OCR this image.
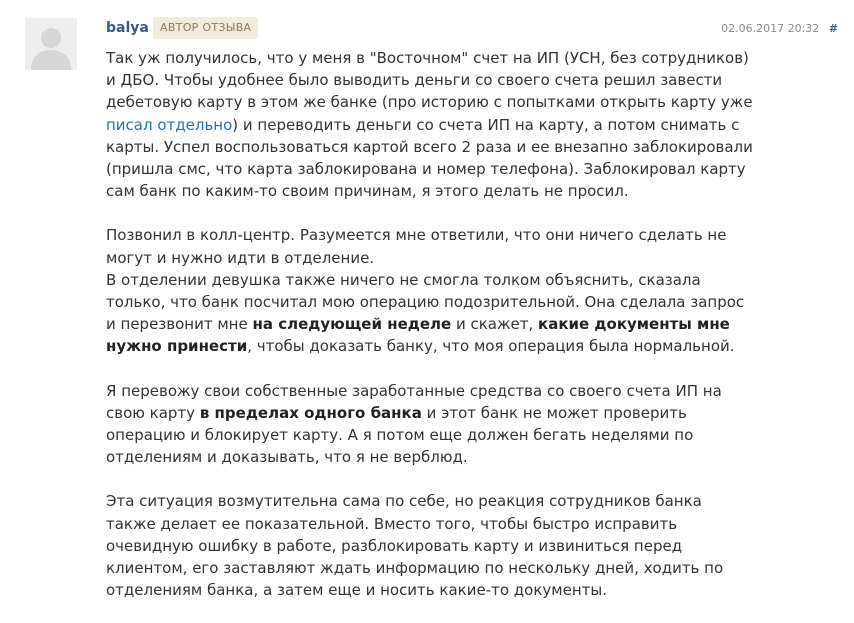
balya	АВТОР ОТЗЫВА	02.06.2017 20:32 #

Так уж получилось, что у меня в "Восточном" счет на ИП (УСН, без сотрудников) и ДБО. Чтобы удобнее было выводить деньги со своего счета решил завести дебетовую карту в этом же банке (про историю с попытками открыть карту уже писал отдельно) и переводить деньги со счета ИП на карту, а потом снимать с карты. Успел воспользоваться картой всего 2 раза и ее внезапно заблокировали (пришла смс, что карта заблокирована и номер телефона). Заблокировал карту сам банк по каким-то своим причинам, я этого делать не просил.

Позвонил в колл-центр. Разумеется мне ответили, что они ничего сделать не могут и нужно идти в отделение.
В отделении девушка также ничего не смогла толком объяснить, сказала только, что банк посчитал мою операцию подозрительной. Она сделала запрос и перезвонит мне на следующей неделе и скажет, какие документы мне нужно принести, чтобы доказать банку, что моя операция была нормальной.

Я перевожу свои собственные заработанные средства со своего счета ИП на свою карту в пределах одного банка и этот банк не может проверить операцию и блокирует карту. А я потом еще должен бегать неделями по отделениям и доказывать, что я не верблюд.

Эта ситуация возмутительна сама по себе, но реакция сотрудников банка также делает ее показательной. Вместо того, чтобы быстро исправить очевидную ошибку в работе, разблокировать карту и извиниться перед клиентом, его заставляют ждать информацию по нескольку дней, ходить по отделениям банка, а затем еще и носить какие-то документы.
